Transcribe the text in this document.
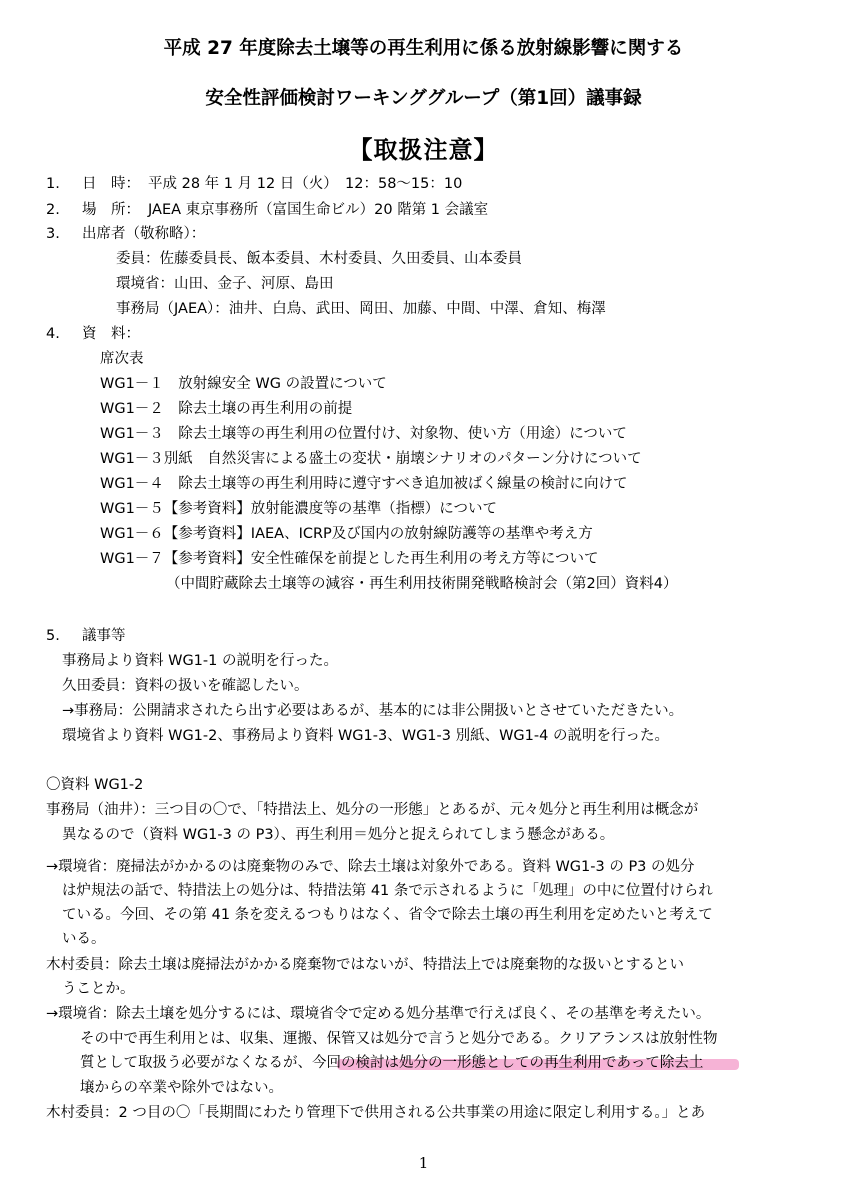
平成 27 年度除去土壌等の再生利用に係る放射線影響に関する
安全性評価検討ワーキンググループ（第1回）議事録
【取扱注意】
1. 日　時： 平成 28 年 1 月 12 日（火）　12：58〜15：10
2. 場　所： JAEA 東京事務所（富国生命ビル）20 階第 1 会議室
3. 出席者（敬称略）：
委員：佐藤委員長、飯本委員、木村委員、久田委員、山本委員
環境省：山田、金子、河原、島田
事務局（JAEA）：油井、白鳥、武田、岡田、加藤、中間、中澤、倉知、梅澤
4. 資　料：
席次表
WG1－１　放射線安全 WG の設置について
WG1－２　除去土壌の再生利用の前提
WG1－３　除去土壌等の再生利用の位置付け、対象物、使い方（用途）について
WG1－３別紙　自然災害による盛土の変状・崩壊シナリオのパターン分けについて
WG1－４　除去土壌等の再生利用時に遵守すべき追加被ばく線量の検討に向けて
WG1－５【参考資料】放射能濃度等の基準（指標）について
WG1－６【参考資料】IAEA、ICRP及び国内の放射線防護等の基準や考え方
WG1－７【参考資料】安全性確保を前提とした再生利用の考え方等について
（中間貯蔵除去土壌等の減容・再生利用技術開発戦略検討会（第2回）資料4）
5. 議事等
事務局より資料 WG1-1 の説明を行った。
久田委員：資料の扱いを確認したい。
→事務局：公開請求されたら出す必要はあるが、基本的には非公開扱いとさせていただきたい。
環境省より資料 WG1-2、事務局より資料 WG1-3、WG1-3 別紙、WG1-4 の説明を行った。
〇資料 WG1-2
事務局（油井）：三つ目の〇で、「特措法上、処分の一形態」とあるが、元々処分と再生利用は概念が
異なるので（資料 WG1-3 の P3）、再生利用＝処分と捉えられてしまう懸念がある。
→環境省：廃掃法がかかるのは廃棄物のみで、除去土壌は対象外である。資料 WG1-3 の P3 の処分
は炉規法の話で、特措法上の処分は、特措法第 41 条で示されるように「処理」の中に位置付けられ
ている。今回、その第 41 条を変えるつもりはなく、省令で除去土壌の再生利用を定めたいと考えて
いる。
木村委員：除去土壌は廃掃法がかかる廃棄物ではないが、特措法上では廃棄物的な扱いとするとい
うことか。
→環境省：除去土壌を処分するには、環境省令で定める処分基準で行えば良く、その基準を考えたい。
その中で再生利用とは、収集、運搬、保管又は処分で言うと処分である。クリアランスは放射性物
質として取扱う必要がなくなるが、今回の検討は処分の一形態としての再生利用であって除去土
壌からの卒業や除外ではない。
木村委員：2 つ目の〇「長期間にわたり管理下で供用される公共事業の用途に限定し利用する。」とあ
1
